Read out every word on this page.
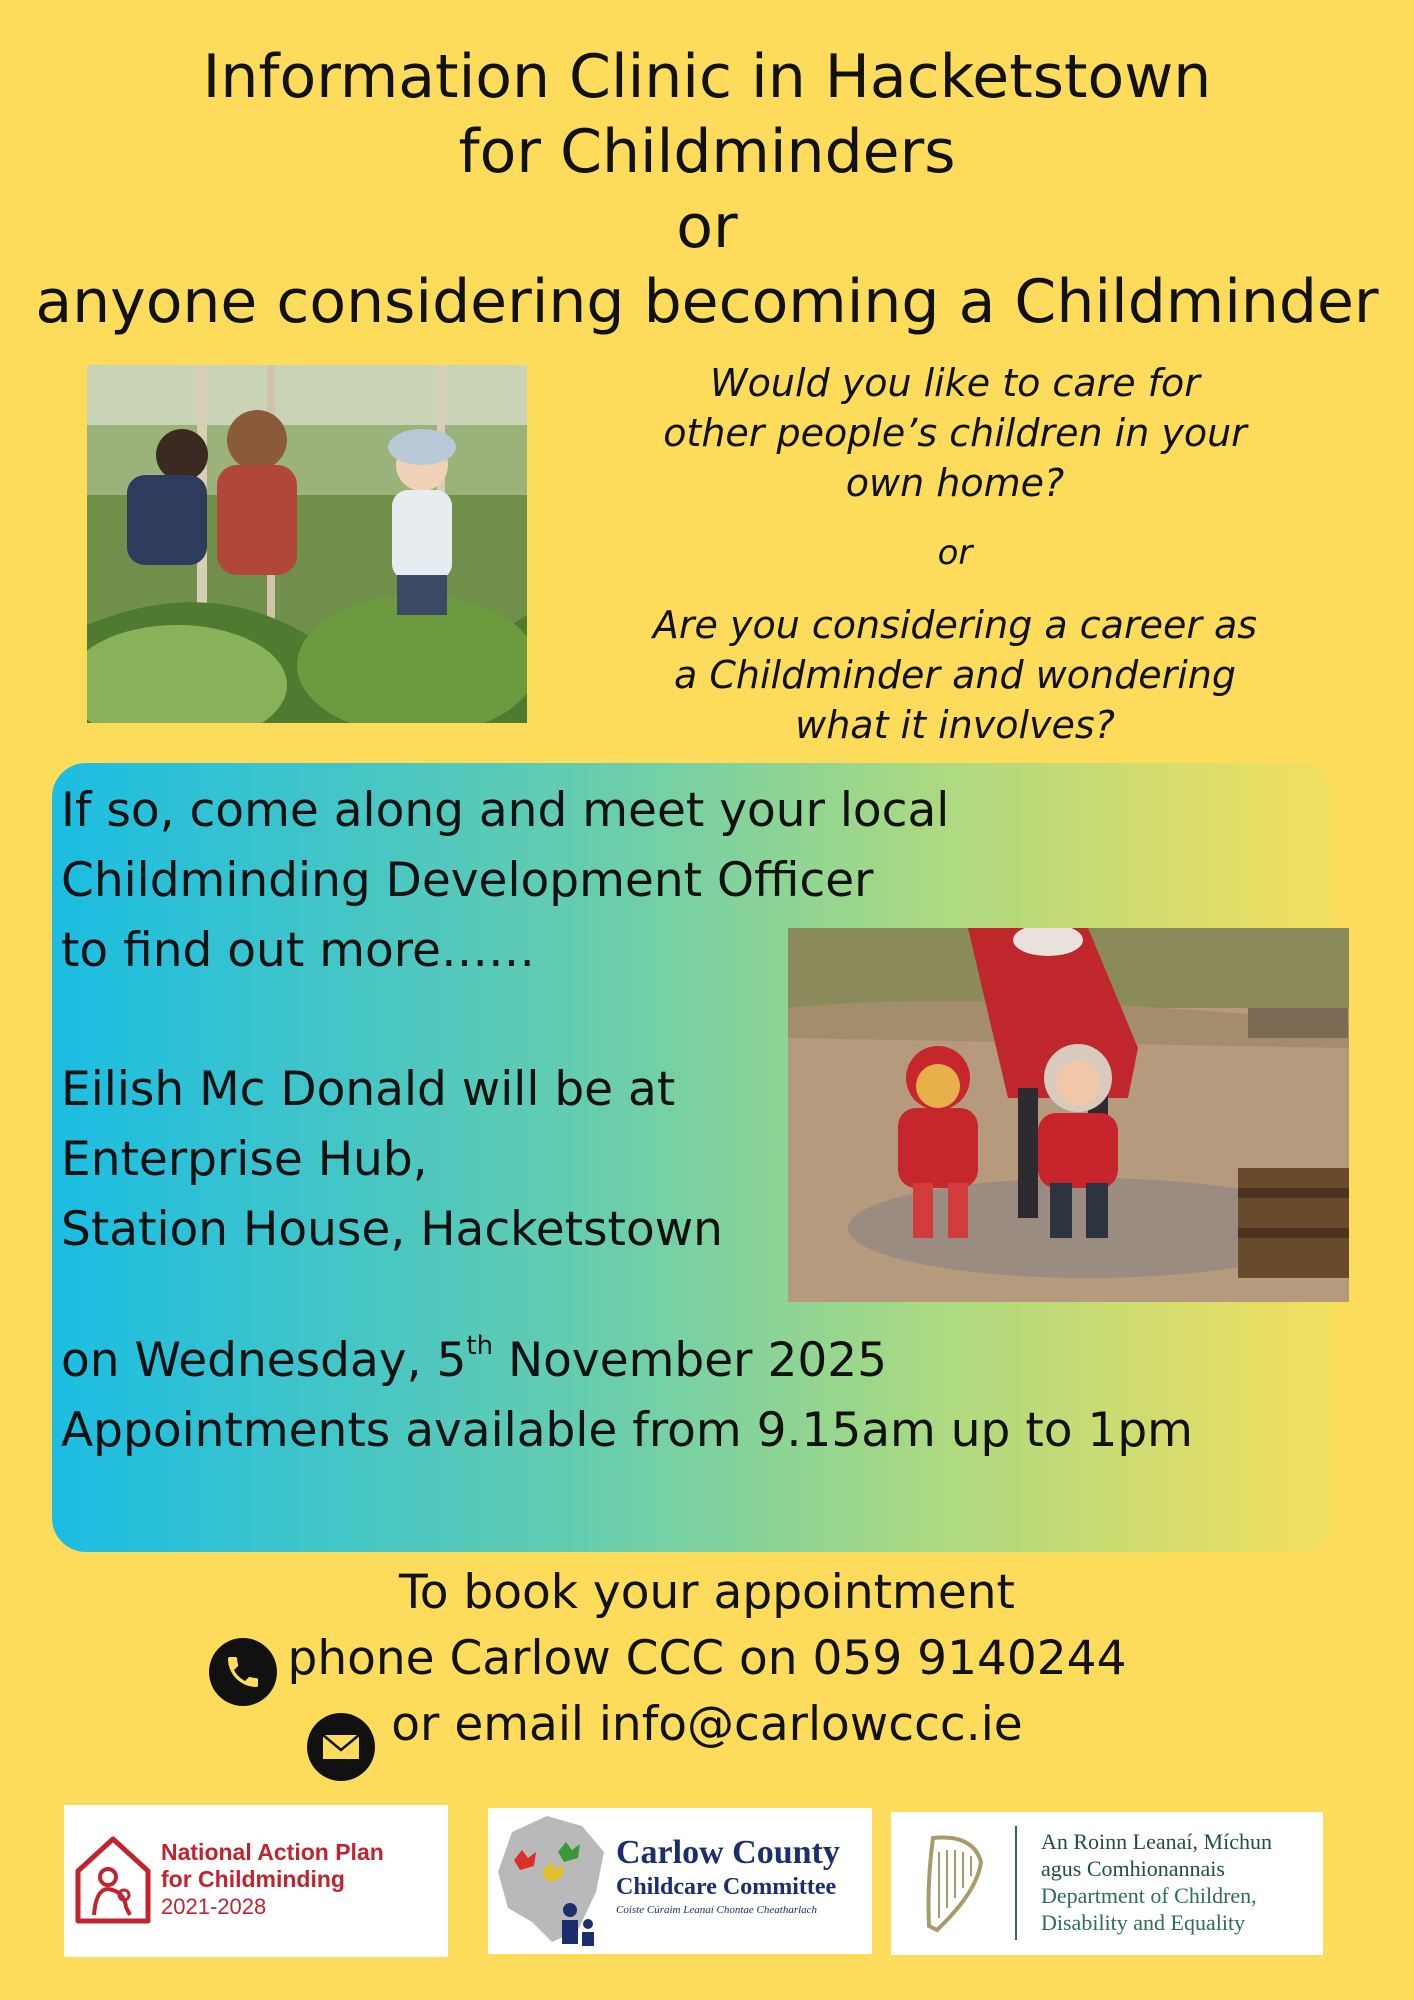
Information Clinic in Hacketstown
for Childminders
or
anyone considering becoming a Childminder
Would you like to care for
other people’s children in your
own home?
or
Are you considering a career as
a Childminder and wondering
what it involves?
If so, come along and meet your local
Childminding Development Officer
to find out more……
Eilish Mc Donald will be at
Enterprise Hub,
Station House, Hacketstown
on Wednesday, 5th November 2025
Appointments available from 9.15am up to 1pm
To book your appointment
phone Carlow CCC on 059 9140244
or email info@carlowccc.ie
National Action Plan
for Childminding
2021-2028
Carlow County
Childcare Committee
Coiste Cúraim Leanaí Chontae Cheatharlach
An Roinn Leanaí, Míchun
agus Comhionannais
Department of Children,
Disability and Equality
